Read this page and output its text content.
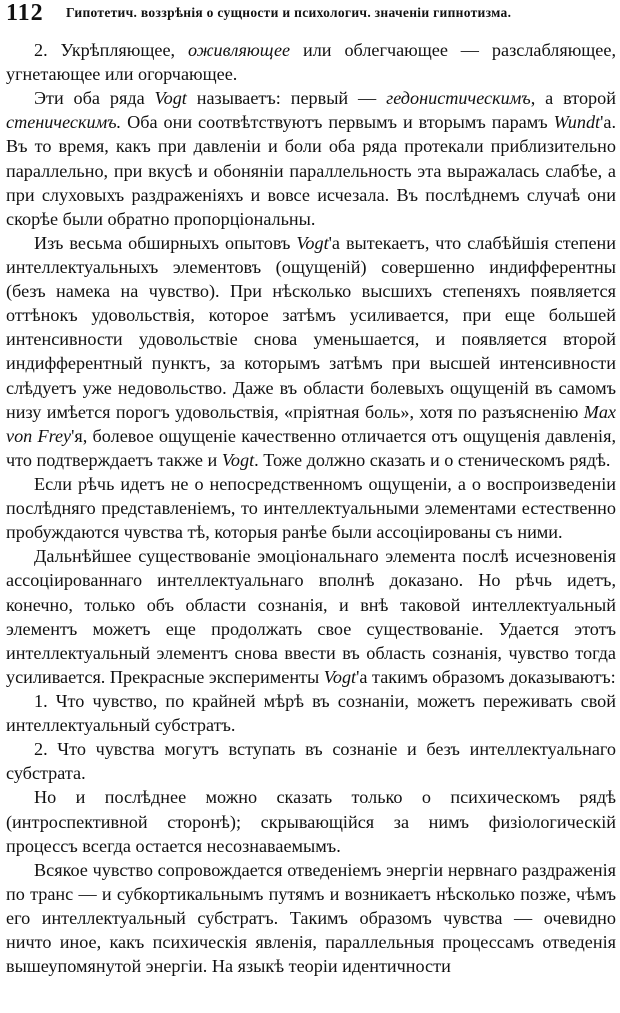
112 Гипотетич. воззрѣнія о сущности и психологич. значеніи гипнотизма.

2. Укрѣпляющее, оживляющее или облегчающее — разслабляющее, угнетающее или огорчающее.

Эти оба ряда Vogt называетъ: первый — гедонистическимъ, а второй стеническимъ. Оба они соотвѣтствуютъ первымъ и вторымъ парамъ Wundt'а. Въ то время, какъ при давленіи и боли оба ряда протекали приблизительно параллельно, при вкусѣ и обоняніи параллельность эта выражалась слабѣе, а при слуховыхъ раздраженіяхъ и вовсе исчезала. Въ послѣднемъ случаѣ они скорѣе были обратно пропорціональны.

Изъ весьма обширныхъ опытовъ Vogt'а вытекаетъ, что слабѣйшія степени интеллектуальныхъ элементовъ (ощущеній) совершенно индифферентны (безъ намека на чувство). При нѣсколько высшихъ степеняхъ появляется оттѣнокъ удовольствія, которое затѣмъ усиливается, при еще большей интенсивности удовольствіе снова уменьшается, и появляется второй индифферентный пунктъ, за которымъ затѣмъ при высшей интенсивности слѣдуетъ уже недовольство. Даже въ области болевыхъ ощущеній въ самомъ низу имѣется порогъ удовольствія, «пріятная боль», хотя по разъясненію Max von Frey'я, болевое ощущеніе качественно отличается отъ ощущенія давленія, что подтверждаетъ также и Vogt. Тоже должно сказать и о стеническомъ рядѣ.

Если рѣчь идетъ не о непосредственномъ ощущеніи, а о воспроизведеніи послѣдняго представленіемъ, то интеллектуальными элементами естественно пробуждаются чувства тѣ, которыя ранѣе были ассоціированы съ ними.

Дальнѣйшее существованіе эмоціональнаго элемента послѣ исчезновенія ассоціированнаго интеллектуальнаго вполнѣ доказано. Но рѣчь идетъ, конечно, только объ области сознанія, и внѣ таковой интеллектуальный элементъ можетъ еще продолжать свое существованіе. Удается этотъ интеллектуальный элементъ снова ввести въ область сознанія, чувство тогда усиливается. Прекрасные эксперименты Vogt'а такимъ образомъ доказываютъ:

1. Что чувство, по крайней мѣрѣ въ сознаніи, можетъ переживать свой интеллектуальный субстратъ.

2. Что чувства могутъ вступать въ сознаніе и безъ интеллектуальнаго субстрата.

Но и послѣднее можно сказать только о психическомъ рядѣ (интроспективной сторонѣ); скрывающійся за нимъ физіологическій процессъ всегда остается несознаваемымъ.

Всякое чувство сопровождается отведеніемъ энергіи нервнаго раздраженія по транс — и субкортикальнымъ путямъ и возникаетъ нѣсколько позже, чѣмъ его интеллектуальный субстратъ. Такимъ образомъ чувства — очевидно ничто иное, какъ психическія явленія, параллельныя процессамъ отведенія вышеупомянутой энергіи. На языкѣ теоріи идентичности
